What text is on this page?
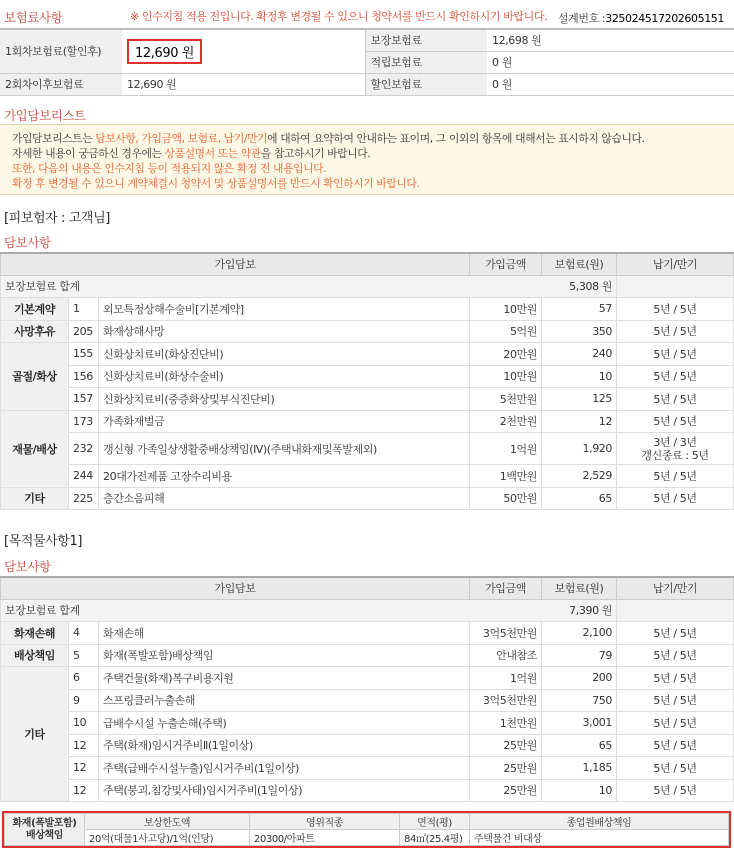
보험료사항	※ 인수지침 적용 전입니다. 확정후 변경될 수 있으니 청약서를 반드시 확인하시기 바랍니다. 설계번호 :325024517202605151
1회차보험료(할인후)	12,690 원	보장보험료	12,698 원
		적립보험료	0 원
2회차이후보험료	12,690 원	할인보험료	0 원
가입담보리스트
가입담보리스트는 담보사항, 가입금액, 보험료, 납기/만기에 대하여 요약하여 안내하는 표이며, 그 이외의 항목에 대해서는 표시하지 않습니다.
자세한 내용이 궁금하신 경우에는 상품설명서 또는 약관을 참고하시기 바랍니다.
또한, 다음의 내용은 인수지침 등이 적용되지 않은 확정 전 내용입니다.
확정 후 변경될 수 있으니 계약체결시 청약서 및 상품설명서를 반드시 확인하시기 바랍니다.
[피보험자 : 고객님]
담보사항
가입담보			가입금액	보험료(원)	납기/만기
보장보험료 합계 5,308 원					

기본계약	1	외모특정상해수술비[기본계약]	10만원	57	5년 / 5년
사망후유	205	화재상해사망	5억원	350	5년 / 5년
골절/화상	155	신화상치료비(화상진단비)	20만원	240	5년 / 5년
	156	신화상치료비(화상수술비)	10만원	10	5년 / 5년
	157	신화상치료비(중증화상및부식진단비)	5천만원	125	5년 / 5년
재물/배상	173	가족화재벌금	2천만원	12	5년 / 5년
	232	갱신형 가족일상생활중배상책임(Ⅳ)(주택내화재및폭발제외)	1억원	1,920	3년 / 3년
갱신종료 : 5년

	244	20대가전제품 고장수리비용	1백만원	2,529	5년 / 5년
기타	225	층간소음피해	50만원	65	5년 / 5년
[목적물사항1]
담보사항
가입담보			가입금액	보험료(원)	납기/만기
보장보험료 합계 7,390 원					

화재손해	4	화재손해	3억5천만원	2,100	5년 / 5년
배상책임	5	화재(폭발포함)배상책임	안내참조	79	5년 / 5년
기타	6	주택건물(화재)복구비용지원	1억원	200	5년 / 5년
	9	스프링클러누출손해	3억5천만원	750	5년 / 5년
	10	급배수시설 누출손해(주택)	1천만원	3,001	5년 / 5년
	12	주택(화재)임시거주비Ⅱ(1일이상)	25만원	65	5년 / 5년
	12	주택(급배수시설누출)임시거주비(1일이상)	25만원	1,185	5년 / 5년
	12	주택(붕괴,침강및사태)임시거주비(1일이상)	25만원	10	5년 / 5년
화재(폭발포함) 배상책임	보상한도액	영위직종	면적(평)	종업원배상책임
	20억(대물1사고당)/1억(인당)	20300/아파트	84㎡(25.4평)	주택물건 비대상
